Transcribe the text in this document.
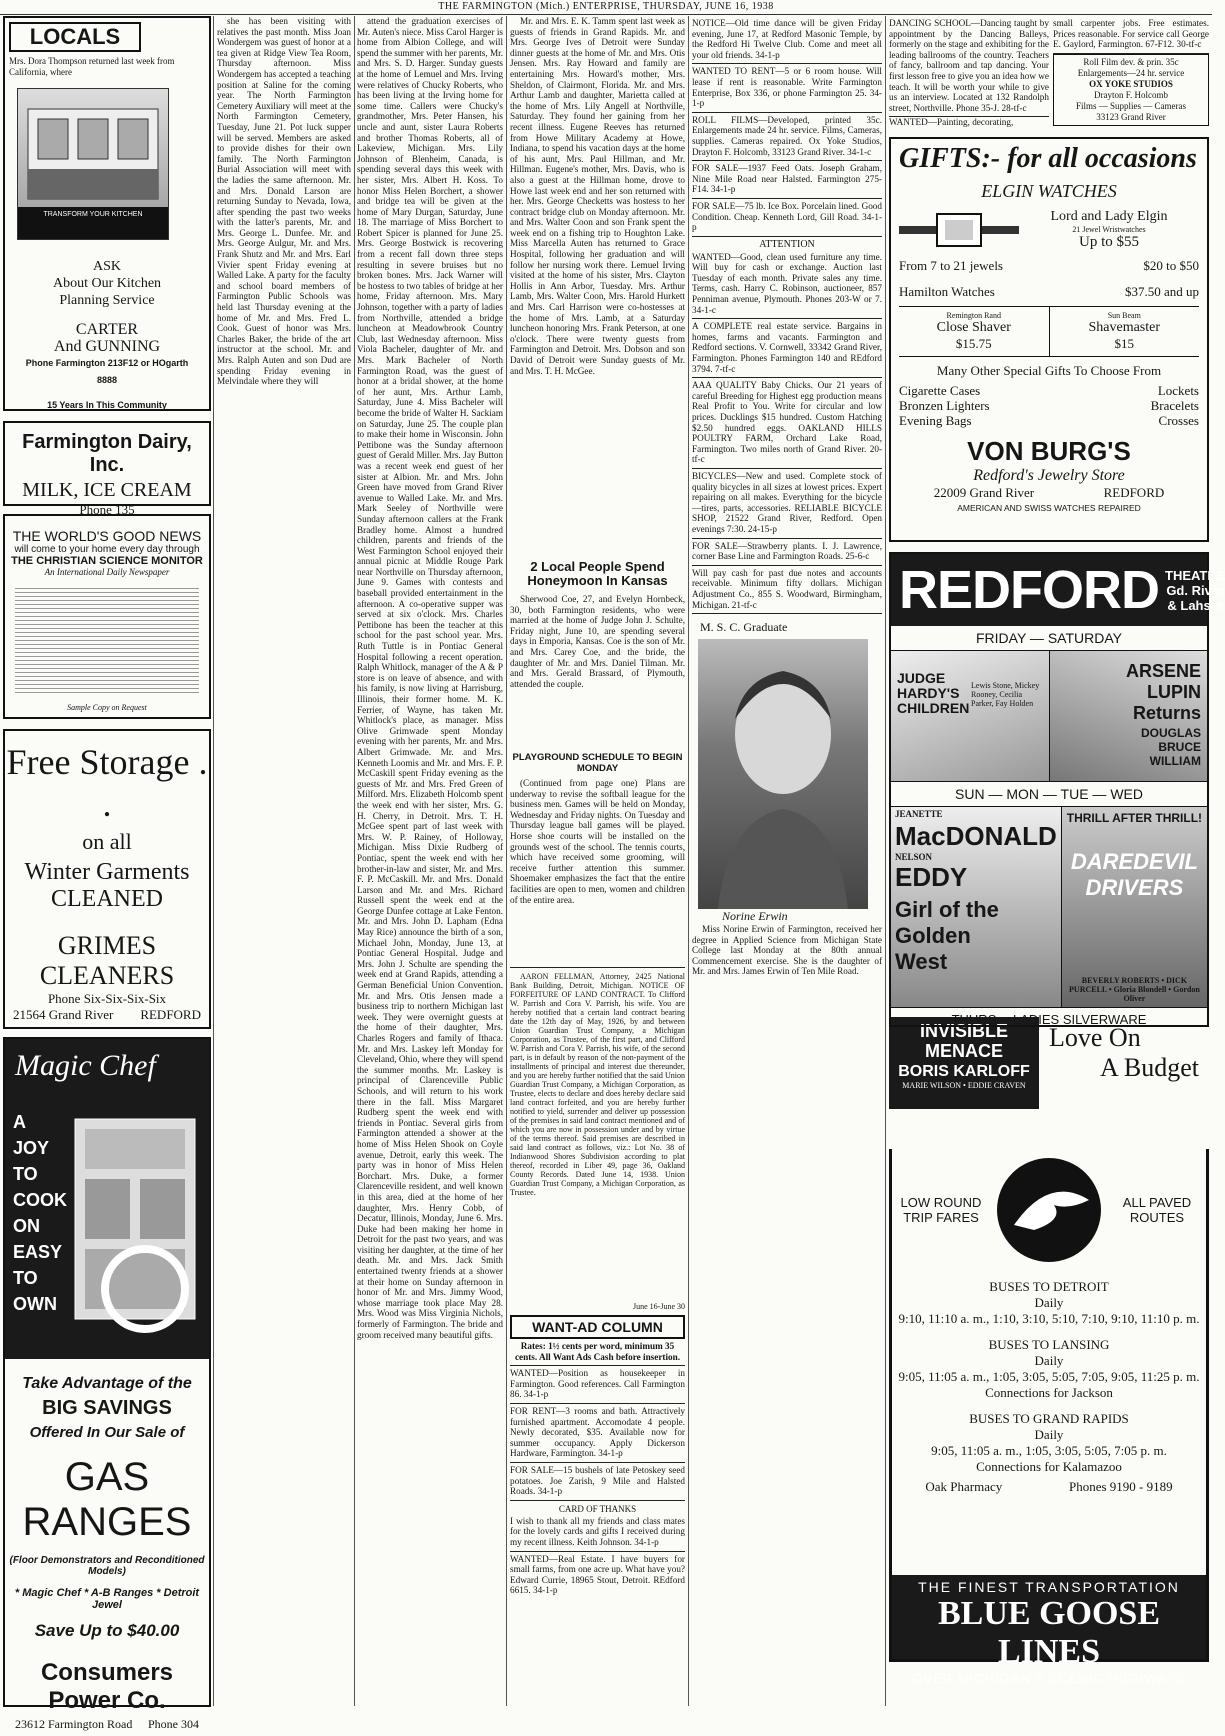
THE FARMINGTON (Mich.) ENTERPRISE, THURSDAY, JUNE 16, 1938
LOCALS
Mrs. Dora Thompson returned last week from California, where
TRANSFORM YOUR KITCHEN
ASK
About Our Kitchen
Planning Service
CARTER
And GUNNING
Phone Farmington 213F12 or HOgarth 8888
15 Years In This Community
Farmington Dairy, Inc.
MILK, ICE CREAM
Phone 135
THE WORLD'S GOOD NEWS
will come to your home every day through
THE CHRISTIAN SCIENCE MONITOR
An International Daily Newspaper
Sample Copy on Request
Free Storage . .
on all
Winter Garments
CLEANED
GRIMES CLEANERS
Phone Six-Six-Six-Six
21564 Grand River REDFORD
Magic Chef
A JOY TO COOK ON EASY TO OWN
Take Advantage of the
BIG SAVINGS
Offered In Our Sale of
GAS RANGES
(Floor Demonstrators and Reconditioned Models)
* Magic Chef * A-B Ranges * Detroit Jewel
Save Up to $40.00
Consumers Power Co.
23612 Farmington Road Phone 304

she has been visiting with relatives the past month. Miss Joan Wondergem was guest of honor at a tea given at Ridge View Tea Room, Thursday afternoon. Miss Wondergem has accepted a teaching position at Saline for the coming year. The North Farmington Cemetery Auxiliary will meet at the North Farmington Cemetery, Tuesday, June 21. Pot luck supper will be served. Members are asked to provide dishes for their own family. The North Farmington Burial Association will meet with the ladies the same afternoon. Mr. and Mrs. Donald Larson are returning Sunday to Nevada, Iowa, after spending the past two weeks with the latter's parents, Mr. and Mrs. George L. Dunfee. Mr. and Mrs. George Aulgur, Mr. and Mrs. Frank Shutz and Mr. and Mrs. Earl Vivier spent Friday evening at Walled Lake. A party for the faculty and school board members of Farmington Public Schools was held last Thursday evening at the home of Mr. and Mrs. Fred L. Cook. Guest of honor was Mrs. Charles Baker, the bride of the art instructor at the school. Mr. and Mrs. Ralph Auten and son Dud are spending Friday evening in Melvindale where they will

attend the graduation exercises of Mr. Auten's niece. Miss Carol Harger is home from Albion College, and will spend the summer with her parents, Mr. and Mrs. S. D. Harger. Sunday guests at the home of Lemuel and Mrs. Irving were relatives of Chucky Roberts, who has been living at the Irving home for some time. Callers were Chucky's grandmother, Mrs. Peter Hansen, his uncle and aunt, sister Laura Roberts and brother Thomas Roberts, all of Lakeview, Michigan. Mrs. Lily Johnson of Blenheim, Canada, is spending several days this week with her sister, Mrs. Albert H. Koss. To honor Miss Helen Borchert, a shower and bridge tea will be given at the home of Mary Durgan, Saturday, June 18. The marriage of Miss Borchert to Robert Spicer is planned for June 25. Mrs. George Bostwick is recovering from a recent fall down three steps resulting in severe bruises but no broken bones. Mrs. Jack Warner will be hostess to two tables of bridge at her home, Friday afternoon. Mrs. Mary Johnson, together with a party of ladies from Northville, attended a bridge luncheon at Meadowbrook Country Club, last Wednesday afternoon. Miss Viola Bacheler, daughter of Mr. and Mrs. Mark Bacheler of North Farmington Road, was the guest of honor at a bridal shower, at the home of her aunt, Mrs. Arthur Lamb, Saturday, June 4. Miss Bacheler will become the bride of Walter H. Sackiam on Saturday, June 25. The couple plan to make their home in Wisconsin. John Pettibone was the Sunday afternoon guest of Gerald Miller. Mrs. Jay Button was a recent week end guest of her sister at Albion. Mr. and Mrs. John Green have moved from Grand River avenue to Walled Lake. Mr. and Mrs. Mark Seeley of Northville were Sunday afternoon callers at the Frank Bradley home. Almost a hundred children, parents and friends of the West Farmington School enjoyed their annual picnic at Middle Rouge Park near Northville on Thursday afternoon, June 9. Games with contests and baseball provided entertainment in the afternoon. A co-operative supper was served at six o'clock. Mrs. Charles Pettibone has been the teacher at this school for the past school year. Mrs. Ruth Tuttle is in Pontiac General Hospital following a recent operation. Ralph Whitlock, manager of the A & P store is on leave of absence, and with his family, is now living at Harrisburg, Illinois, their former home. M. K. Ferrier, of Wayne, has taken Mr. Whitlock's place, as manager. Miss Olive Grimwade spent Monday evening with her parents, Mr. and Mrs. Albert Grimwade. Mr. and Mrs. Kenneth Loomis and Mr. and Mrs. F. P. McCaskill spent Friday evening as the guests of Mr. and Mrs. Fred Green of Milford. Mrs. Elizabeth Holcomb spent the week end with her sister, Mrs. G. H. Cherry, in Detroit. Mrs. T. H. McGee spent part of last week with Mrs. W. P. Rainey, of Holloway, Michigan. Miss Dixie Rudberg of Pontiac, spent the week end with her brother-in-law and sister, Mr. and Mrs. F. P. McCaskill. Mr. and Mrs. Donald Larson and Mr. and Mrs. Richard Russell spent the week end at the George Dunfee cottage at Lake Fenton. Mr. and Mrs. John D. Lapham (Edna May Rice) announce the birth of a son, Michael John, Monday, June 13, at Pontiac General Hospital. Judge and Mrs. John J. Schulte are spending the week end at Grand Rapids, attending a German Beneficial Union Convention. Mr. and Mrs. Otis Jensen made a business trip to northern Michigan last week. They were overnight guests at the home of their daughter, Mrs. Charles Rogers and family of Ithaca. Mr. and Mrs. Laskey left Monday for Cleveland, Ohio, where they will spend the summer months. Mr. Laskey is principal of Clarenceville Public Schools, and will return to his work there in the fall. Miss Margaret Rudberg spent the week end with friends in Pontiac. Several girls from Farmington attended a shower at the home of Miss Helen Shook on Coyle avenue, Detroit, early this week. The party was in honor of Miss Helen Borchart. Mrs. Duke, a former Clarenceville resident, and well known in this area, died at the home of her daughter, Mrs. Henry Cobb, of Decatur, Illinois, Monday, June 6. Mrs. Duke had been making her home in Detroit for the past two years, and was visiting her daughter, at the time of her death. Mr. and Mrs. Jack Smith entertained twenty friends at a shower at their home on Sunday afternoon in honor of Mr. and Mrs. Jimmy Wood, whose marriage took place May 28. Mrs. Wood was Miss Virginia Nichols, formerly of Farmington. The bride and groom received many beautiful gifts.

Mr. and Mrs. E. K. Tamm spent last week as guests of friends in Grand Rapids. Mr. and Mrs. George Ives of Detroit were Sunday dinner guests at the home of Mr. and Mrs. Otis Jensen. Mrs. Ray Howard and family are entertaining Mrs. Howard's mother, Mrs. Sheldon, of Clairmont, Florida. Mr. and Mrs. Arthur Lamb and daughter, Marietta called at the home of Mrs. Lily Angell at Northville, Saturday. They found her gaining from her recent illness. Eugene Reeves has returned from Howe Military Academy at Howe, Indiana, to spend his vacation days at the home of his aunt, Mrs. Paul Hillman, and Mr. Hillman. Eugene's mother, Mrs. Davis, who is also a guest at the Hillman home, drove to Howe last week end and her son returned with her. Mrs. George Checketts was hostess to her contract bridge club on Monday afternoon. Mr. and Mrs. Walter Coon and son Frank spent the week end on a fishing trip to Houghton Lake. Miss Marcella Auten has returned to Grace Hospital, following her graduation and will follow her nursing work there. Lemuel Irving visited at the home of his sister, Mrs. Clayton Hollis in Ann Arbor, Tuesday. Mrs. Arthur Lamb, Mrs. Walter Coon, Mrs. Harold Hurkett and Mrs. Carl Harrison were co-hostesses at the home of Mrs. Lamb, at a Saturday luncheon honoring Mrs. Frank Peterson, at one o'clock. There were twenty guests from Farmington and Detroit. Mrs. Dobson and son David of Detroit were Sunday guests of Mr. and Mrs. T. H. McGee.

2 Local People Spend Honeymoon In Kansas

Sherwood Coe, 27, and Evelyn Hornbeck, 30, both Farmington residents, who were married at the home of Judge John J. Schulte, Friday night, June 10, are spending several days in Emporia, Kansas. Coe is the son of Mr. and Mrs. Carey Coe, and the bride, the daughter of Mr. and Mrs. Daniel Tilman. Mr. and Mrs. Gerald Brassard, of Plymouth, attended the couple.

PLAYGROUND SCHEDULE TO BEGIN MONDAY

(Continued from page one) Plans are underway to revise the softball league for the business men. Games will be held on Monday, Wednesday and Friday nights. On Tuesday and Thursday league ball games will be played. Horse shoe courts will be installed on the grounds west of the school. The tennis courts, which have received some grooming, will receive further attention this summer. Shoemaker emphasizes the fact that the entire facilities are open to men, women and children of the entire area.

AARON FELLMAN, Attorney, 2425 National Bank Building, Detroit, Michigan. NOTICE OF FORFEITURE OF LAND CONTRACT. To Clifford W. Parrish and Cora V. Parrish, his wife. You are hereby notified that a certain land contract bearing date the 12th day of May, 1926, by and between Union Guardian Trust Company, a Michigan Corporation, as Trustee, of the first part, and Clifford W. Parrish and Cora V. Parrish, his wife, of the second part, is in default by reason of the non-payment of the installments of principal and interest due thereunder, and you are hereby further notified that the said Union Guardian Trust Company, a Michigan Corporation, as Trustee, elects to declare and does hereby declare said land contract forfeited, and you are hereby further notified to yield, surrender and deliver up possession of the premises in said land contract mentioned and of which you are now in possession under and by virtue of the terms thereof. Said premises are described in said land contract as follows, viz.: Lot No. 38 of Indianwood Shores Subdivision according to plat thereof, recorded in Liber 49, page 36, Oakland County Records. Dated June 14, 1938. Union Guardian Trust Company, a Michigan Corporation, as Trustee.

June 16-June 30
WANT-AD COLUMN
Rates: 1½ cents per word, minimum 35 cents. All Want Ads Cash before insertion.
WANTED—Position as housekeeper in Farmington. Good references. Call Farmington 86. 34-1-p
FOR RENT—3 rooms and bath. Attractively furnished apartment. Accomodate 4 people. Newly decorated, $35. Available now for summer occupancy. Apply Dickerson Hardware, Farmington. 34-1-p
FOR SALE—15 bushels of late Petoskey seed potatoes. Joe Zarish, 9 Mile and Halsted Roads. 34-1-p
CARD OF THANKS
I wish to thank all my friends and class mates for the lovely cards and gifts I received during my recent illness. Keith Johnson. 34-1-p
WANTED—Real Estate. I have buyers for small farms, from one acre up. What have you? Edward Currie, 18965 Stout, Detroit. REdford 6615. 34-1-p
NOTICE—Old time dance will be given Friday evening, June 17, at Redford Masonic Temple, by the Redford Hi Twelve Club. Come and meet all your old friends. 34-1-p
WANTED TO RENT—5 or 6 room house. Will lease if rent is reasonable. Write Farmington Enterprise, Box 336, or phone Farmington 25. 34-1-p
ROLL FILMS—Developed, printed 35c. Enlargements made 24 hr. service. Films, Cameras, supplies. Cameras repaired. Ox Yoke Studios, Drayton F. Holcomb, 33123 Grand River. 34-1-c
FOR SALE—1937 Feed Oats. Joseph Graham, Nine Mile Road near Halsted. Farmington 275-F14. 34-1-p
FOR SALE—75 lb. Ice Box. Porcelain lined. Good Condition. Cheap. Kenneth Lord, Gill Road. 34-1-p
ATTENTION
WANTED—Good, clean used furniture any time. Will buy for cash or exchange. Auction last Tuesday of each month. Private sales any time. Terms, cash. Harry C. Robinson, auctioneer, 857 Penniman avenue, Plymouth. Phones 203-W or 7. 34-1-c
A COMPLETE real estate service. Bargains in homes, farms and vacants. Farmington and Redford sections. V. Cornwell, 33342 Grand River, Farmington. Phones Farmington 140 and REdford 3794. 7-tf-c
AAA QUALITY Baby Chicks. Our 21 years of careful Breeding for Highest egg production means Real Profit to You. Write for circular and low prices. Ducklings $15 hundred. Custom Hatching $2.50 hundred eggs. OAKLAND HILLS POULTRY FARM, Orchard Lake Road, Farmington. Two miles north of Grand River. 20-tf-c
BICYCLES—New and used. Complete stock of quality bicycles in all sizes at lowest prices. Expert repairing on all makes. Everything for the bicycle—tires, parts, accessories. RELIABLE BICYCLE SHOP, 21522 Grand River, Redford. Open evenings 7:30. 24-15-p
FOR SALE—Strawberry plants. I. J. Lawrence, corner Base Line and Farmington Roads. 25-6-c
Will pay cash for past due notes and accounts receivable. Minimum fifty dollars. Michigan Adjustment Co., 855 S. Woodward, Birmingham, Michigan. 21-tf-c
M. S. C. Graduate
Norine Erwin

Miss Norine Erwin of Farmington, received her degree in Applied Science from Michigan State College last Monday at the 80th annual Commencement exercise. She is the daughter of Mr. and Mrs. James Erwin of Ten Mile Road.

DANCING SCHOOL—Dancing taught by appointment by the Dancing Balleys, formerly on the stage and exhibiting for the leading ballrooms of the country. Teachers of fancy, ballroom and tap dancing. Your first lesson free to give you an idea how we teach. It will be worth your while to give us an interview. Located at 132 Randolph street, Northville. Phone 35-J. 28-tf-c
WANTED—Painting, decorating,
small carpenter jobs. Free estimates. Prices reasonable. For service call George E. Gaylord, Farmington. 67-F12. 30-tf-c
Roll Film dev. & prin. 35c
Enlargements—24 hr. service
OX YOKE STUDIOS
Drayton F. Holcomb
Films — Supplies — Cameras
33123 Grand River
GIFTS:- for all occasions
ELGIN WATCHES
Lord and Lady Elgin
21 Jewel Wristwatches
Up to $55
From 7 to 21 jewels	$20 to $50
Hamilton Watches	$37.50 and up
Remington Rand
Close Shaver
$15.75
Sun Beam
Shavemaster
$15
Many Other Special Gifts To Choose From
Cigarette Cases	Lockets
Bronzen Lighters	Bracelets
Evening Bags	Crosses
VON BURG'S
Redford's Jewelry Store
22009 Grand River	REDFORD
AMERICAN AND SWISS WATCHES REPAIRED
REDFORD THEATRE
Gd. River
& Lahser
FRIDAY — SATURDAY
JUDGE HARDY'S CHILDREN
Lewis Stone, Mickey Rooney, Cecilia Parker, Fay Holden
ARSENE LUPIN Returns
DOUGLAS BRUCE WILLIAM
SUN — MON — TUE — WED
JEANETTE
MacDONALD
NELSON
EDDY
Girl of the Golden West
THRILL AFTER THRILL!
DAREDEVIL DRIVERS
BEVERLY ROBERTS • DICK PURCELL • Gloria Blondell • Gordon Oliver
THURS.—LADIES SILVERWARE
INVISIBLE MENACE
BORIS KARLOFF
MARIE WILSON • EDDIE CRAVEN
Love On
A Budget
LOW ROUND TRIP FARES
ALL PAVED ROUTES
BUSES TO DETROIT
Daily
9:10, 11:10 a. m., 1:10, 3:10, 5:10, 7:10, 9:10, 11:10 p. m.
BUSES TO LANSING
Daily
9:05, 11:05 a. m., 1:05, 3:05, 5:05, 7:05, 9:05, 11:25 p. m.
Connections for Jackson
BUSES TO GRAND RAPIDS
Daily
9:05, 11:05 a. m., 1:05, 3:05, 5:05, 7:05 p. m.
Connections for Kalamazoo
Oak Pharmacy	Phones 9190 - 9189
THE FINEST TRANSPORTATION
BLUE GOOSE LINES
OVER MICHIGAN'S SCENIC HIGHWAYS
